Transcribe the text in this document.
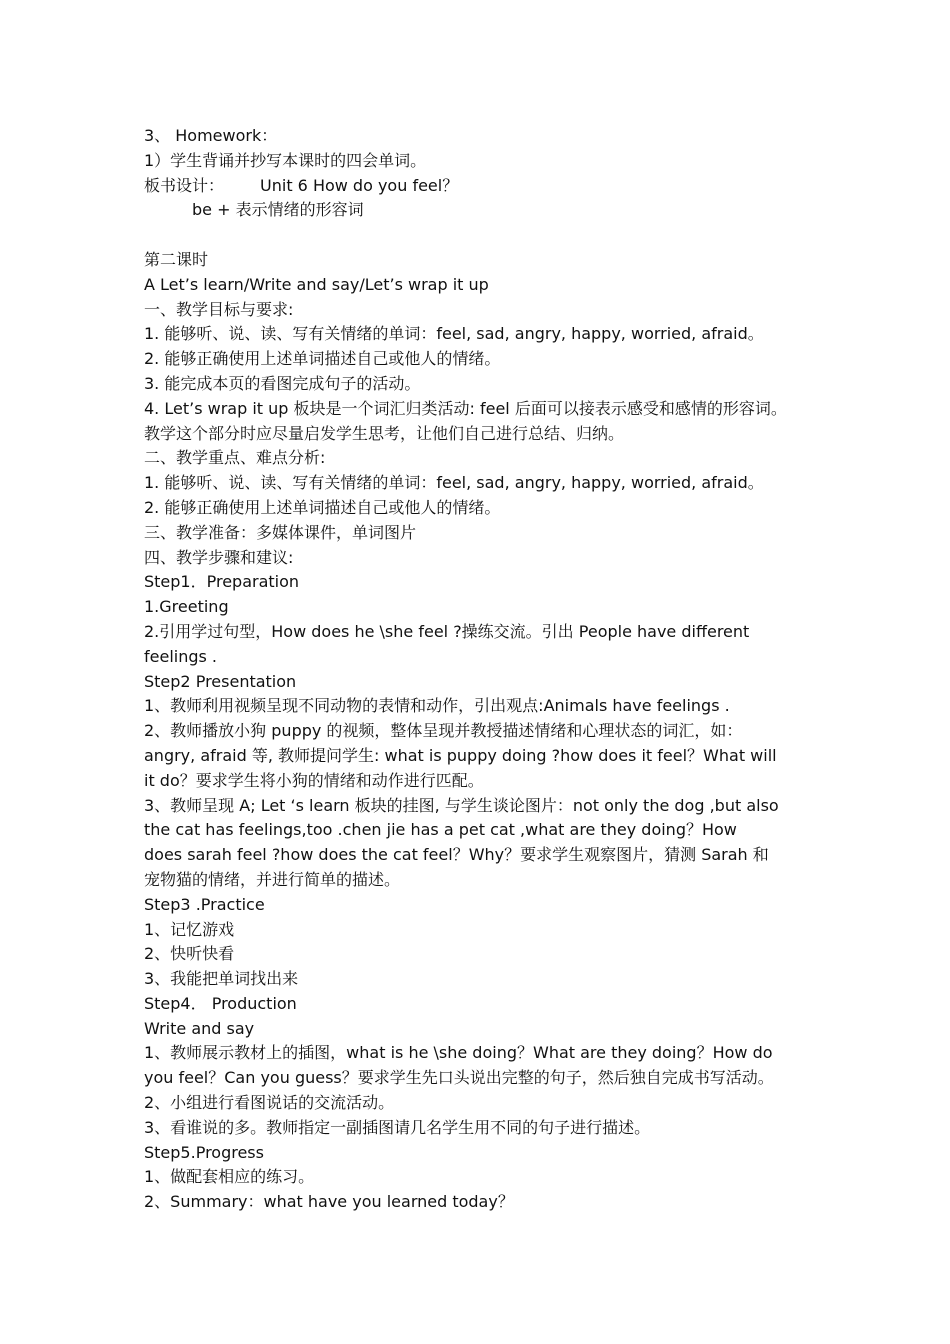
3、 Homework：

1）学生背诵并抄写本课时的四会单词。

板书设计： Unit 6 How do you feel？

be + 表示情绪的形容词

第二课时

A Let’s learn/Write and say/Let’s wrap it up

一、教学目标与要求:

1. 能够听、说、读、写有关情绪的单词：feel, sad, angry, happy, worried, afraid。

2. 能够正确使用上述单词描述自己或他人的情绪。

3. 能完成本页的看图完成句子的活动。

4. Let’s wrap it up 板块是一个词汇归类活动: feel 后面可以接表示感受和感情的形容词。

教学这个部分时应尽量启发学生思考，让他们自己进行总结、归纳。

二、教学重点、难点分析:

1. 能够听、说、读、写有关情绪的单词：feel, sad, angry, happy, worried, afraid。

2. 能够正确使用上述单词描述自己或他人的情绪。

三、教学准备：多媒体课件，单词图片

四、教学步骤和建议:

Step1．Preparation

1.Greeting

2.引用学过句型，How does he \she feel ?操练交流。引出 People have different

feelings .

Step2 Presentation

1、教师利用视频呈现不同动物的表情和动作，引出观点:Animals have feelings .

2、教师播放小狗 puppy 的视频，整体呈现并教授描述情绪和心理状态的词汇，如：

angry, afraid 等, 教师提问学生: what is puppy doing ?how does it feel？What will

it do？要求学生将小狗的情绪和动作进行匹配。

3、教师呈现 A; Let ‘s learn 板块的挂图, 与学生谈论图片：not only the dog ,but also

the cat has feelings,too .chen jie has a pet cat ,what are they doing？How

does sarah feel ?how does the cat feel？Why？要求学生观察图片，猜测 Sarah 和

宠物猫的情绪，并进行简单的描述。

Step3 .Practice

1、记忆游戏

2、快听快看

3、我能把单词找出来

Step4． Production

Write and say

1、教师展示教材上的插图，what is he \she doing？What are they doing？How do

you feel？Can you guess？要求学生先口头说出完整的句子，然后独自完成书写活动。

2、小组进行看图说话的交流活动。

3、看谁说的多。教师指定一副插图请几名学生用不同的句子进行描述。

Step5.Progress

1、做配套相应的练习。

2、Summary：what have you learned today？
